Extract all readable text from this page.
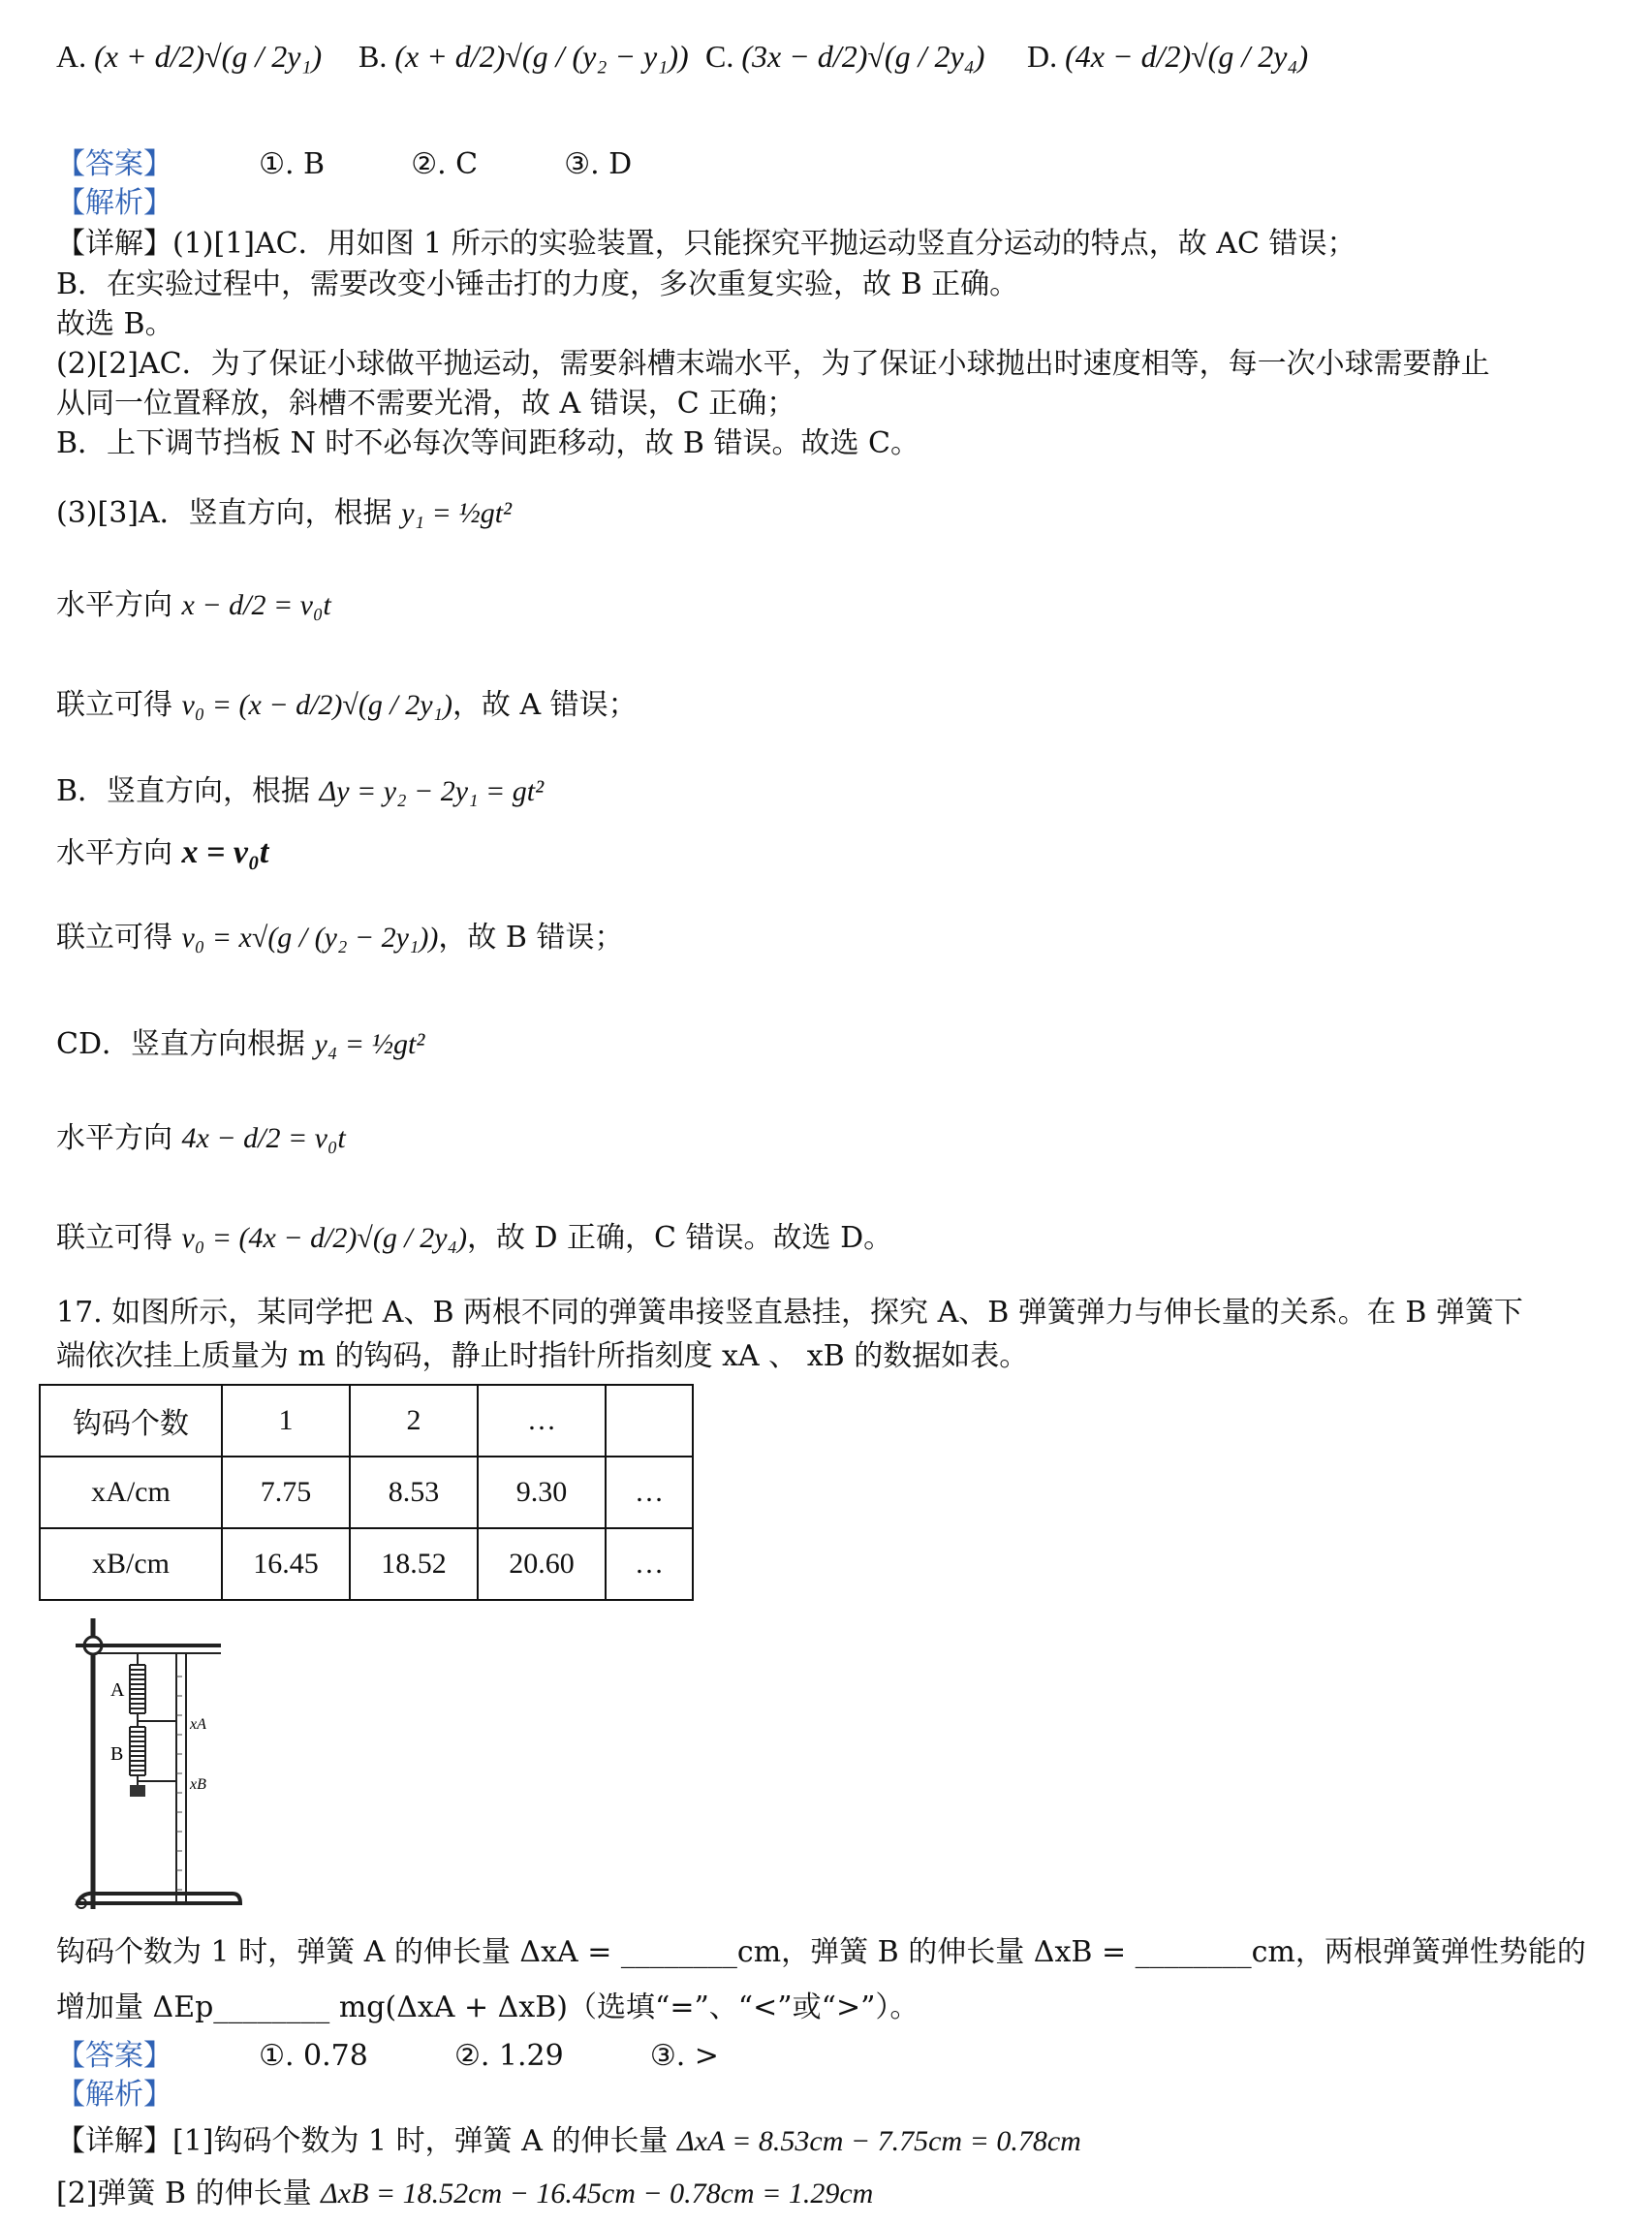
A. (x + d/2)√(g / 2y₁) B. (x + d/2)√(g / (y₂ − y₁)) C. (3x − d/2)√(g / 2y₄) D. (4x − d/2)√(g / 2y₄)
【答案】	①. B	②. C	③. D
【解析】
【详解】(1)[1]AC．用如图 1 所示的实验装置，只能探究平抛运动竖直分运动的特点，故 AC 错误；
B．在实验过程中，需要改变小锤击打的力度，多次重复实验，故 B 正确。
故选 B。
(2)[2]AC．为了保证小球做平抛运动，需要斜槽末端水平，为了保证小球抛出时速度相等，每一次小球需要静止
从同一位置释放，斜槽不需要光滑，故 A 错误，C 正确；
B．上下调节挡板 N 时不必每次等间距移动，故 B 错误。故选 C。
(3)[3]A．竖直方向，根据 y₁ = ½gt²
水平方向 x − d/2 = v₀t
联立可得 v₀ = (x − d/2)√(g / 2y₁)，故 A 错误；
B．竖直方向，根据 Δy = y₂ − 2y₁ = gt²
水平方向 x = v₀t
联立可得 v₀ = x√(g / (y₂ − 2y₁))，故 B 错误；
CD．竖直方向根据 y₄ = ½gt²
水平方向 4x − d/2 = v₀t
联立可得 v₀ = (4x − d/2)√(g / 2y₄)，故 D 正确，C 错误。故选 D。
17. 如图所示，某同学把 A、B 两根不同的弹簧串接竖直悬挂，探究 A、B 弹簧弹力与伸长量的关系。在 B 弹簧下
端依次挂上质量为 m 的钩码，静止时指针所指刻度 xA 、 xB 的数据如表。
钩码个数	1	2	…	
xA/cm	7.75	8.53	9.30	…
xB/cm	16.45	18.52	20.60	…
A
B
xA
xB
钩码个数为 1 时，弹簧 A 的伸长量 ΔxA = ________cm，弹簧 B 的伸长量 ΔxB = ________cm，两根弹簧弹性势能的
增加量 ΔEp________ mg(ΔxA + ΔxB)（选填“=”、“<”或“>”）。
【答案】	①. 0.78	②. 1.29	③. >
【解析】
【详解】[1]钩码个数为 1 时，弹簧 A 的伸长量 ΔxA = 8.53cm − 7.75cm = 0.78cm
[2]弹簧 B 的伸长量 ΔxB = 18.52cm − 16.45cm − 0.78cm = 1.29cm
